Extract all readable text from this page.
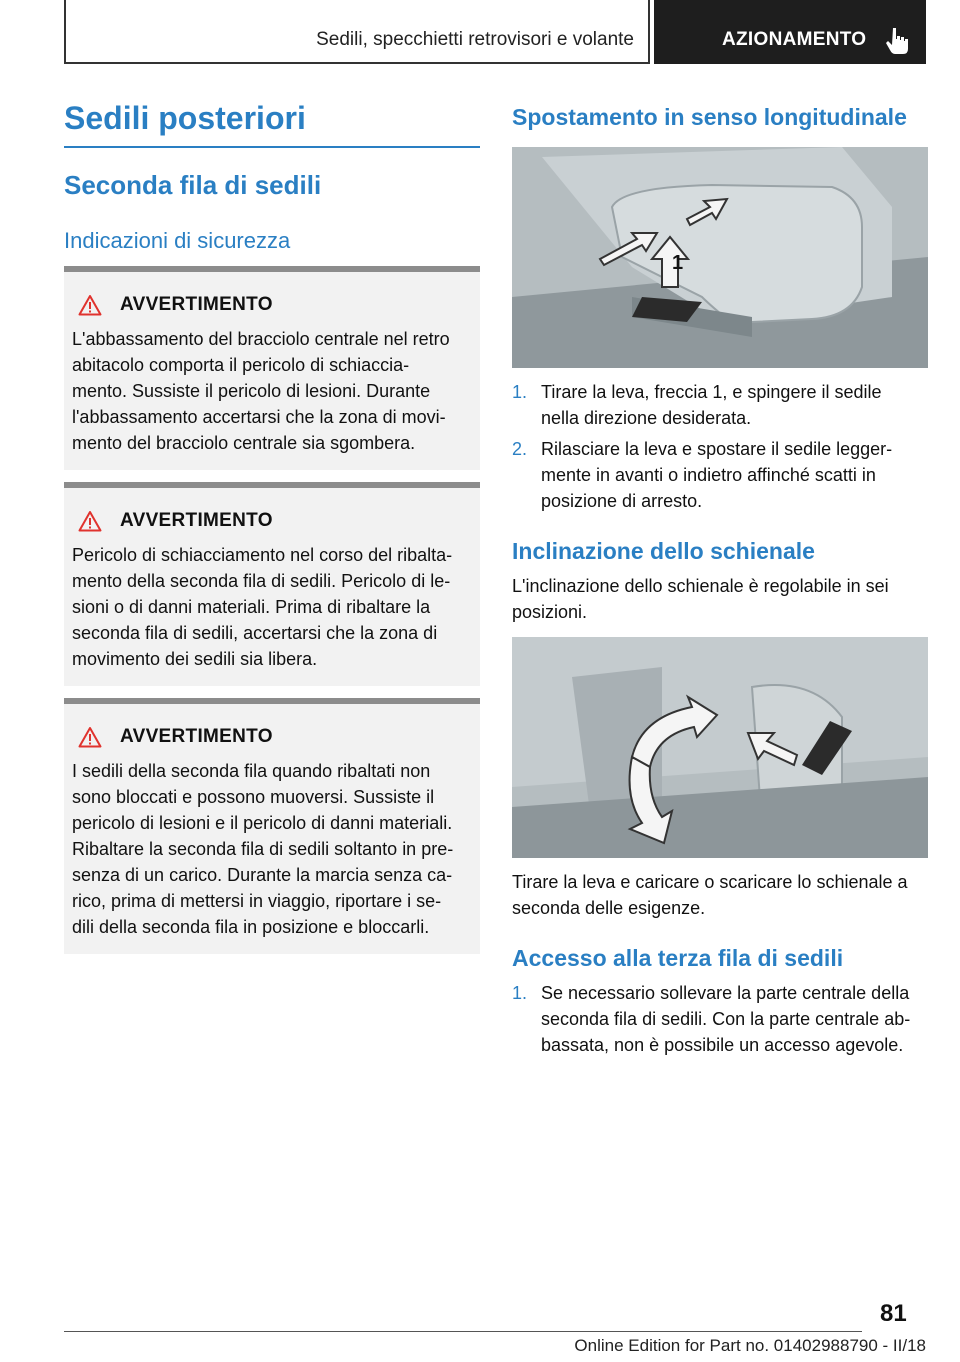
Sedili, specchietti retrovisori e volante	AZIONAMENTO
Sedili posteriori
Seconda fila di sedili
Indicazioni di sicurezza
AVVERTIMENTO
L'abbassamento del bracciolo centrale nel retro
abitacolo comporta il pericolo di schiaccia‐
mento. Sussiste il pericolo di lesioni. Durante
l'abbassamento accertarsi che la zona di movi‐
mento del bracciolo centrale sia sgombera.
AVVERTIMENTO
Pericolo di schiacciamento nel corso del ribalta‐
mento della seconda fila di sedili. Pericolo di le‐
sioni o di danni materiali. Prima di ribaltare la
seconda fila di sedili, accertarsi che la zona di
movimento dei sedili sia libera.
AVVERTIMENTO
I sedili della seconda fila quando ribaltati non
sono bloccati e possono muoversi. Sussiste il
pericolo di lesioni e il pericolo di danni materiali.
Ribaltare la seconda fila di sedili soltanto in pre‐
senza di un carico. Durante la marcia senza ca‐
rico, prima di mettersi in viaggio, riportare i se‐
dili della seconda fila in posizione e bloccarli.
Spostamento in senso longitudinale
1
1. Tirare la leva, freccia 1, e spingere il sedile
nella direzione desiderata.
2. Rilasciare la leva e spostare il sedile legger‐
mente in avanti o indietro affinché scatti in
posizione di arresto.
Inclinazione dello schienale
L'inclinazione dello schienale è regolabile in sei
posizioni.
Tirare la leva e caricare o scaricare lo schienale a
seconda delle esigenze.
Accesso alla terza fila di sedili
1. Se necessario sollevare la parte centrale della
seconda fila di sedili. Con la parte centrale ab‐
bassata, non è possibile un accesso agevole.
81
Online Edition for Part no. 01402988790 - II/18
